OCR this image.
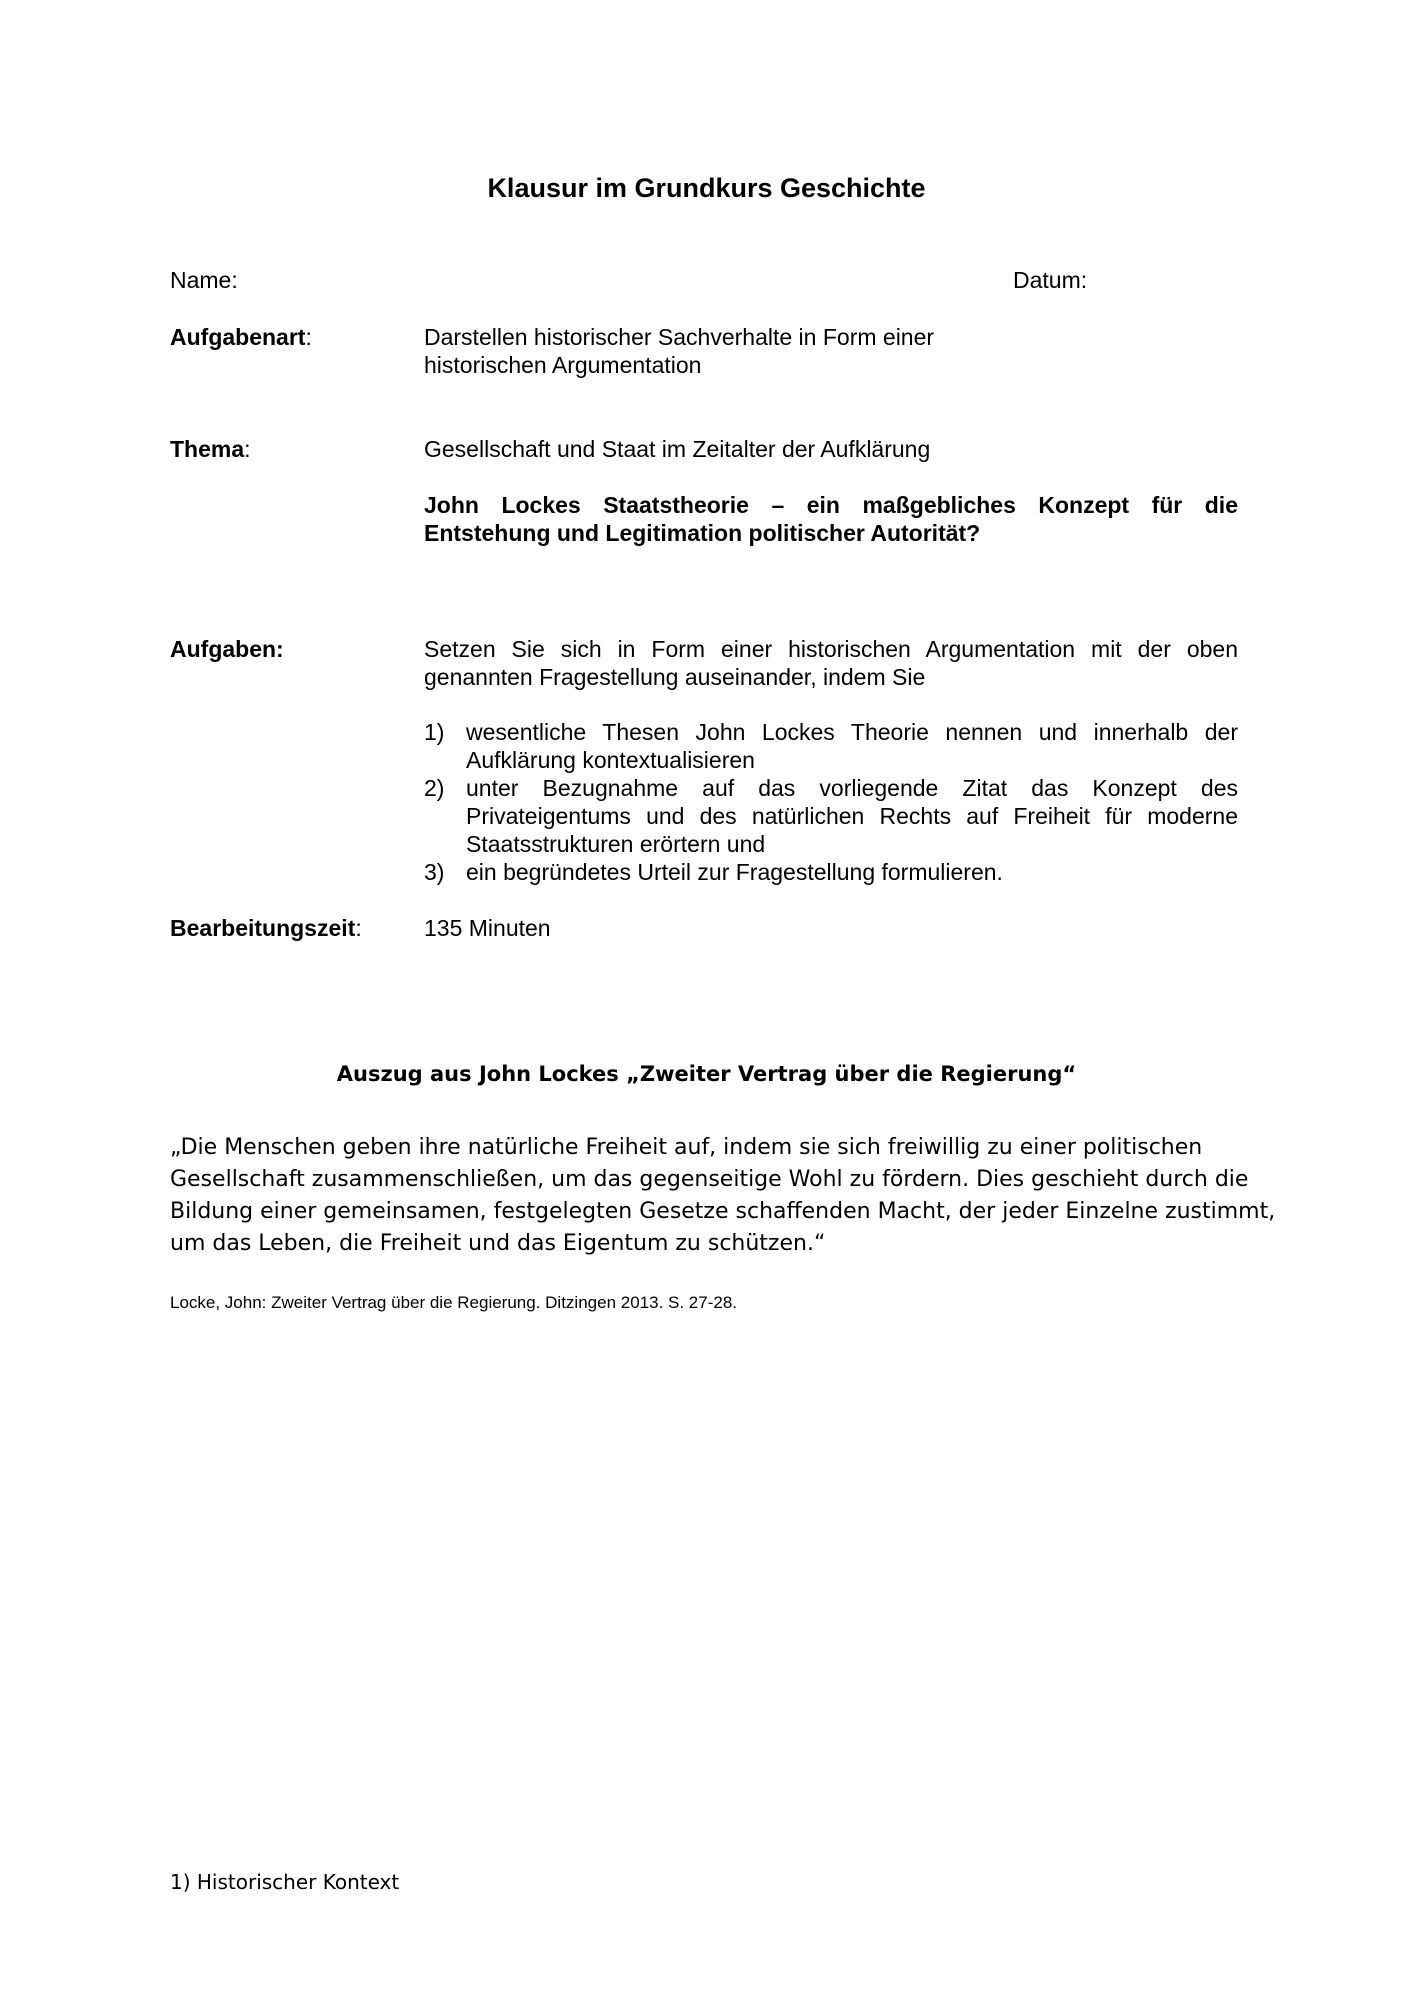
Klausur im Grundkurs Geschichte
Name:	Datum:
Aufgabenart:	Darstellen historischer Sachverhalte in Form einer
historischen Argumentation
Thema:	Gesellschaft und Staat im Zeitalter der Aufklärung
John Lockes Staatstheorie – ein maßgebliches Konzept für die
Entstehung und Legitimation politischer Autorität?
Aufgaben:	Setzen Sie sich in Form einer historischen Argumentation mit der oben
genannten Fragestellung auseinander, indem Sie
1) wesentliche Thesen John Lockes Theorie nennen und innerhalb der
Aufklärung kontextualisieren
2) unter Bezugnahme auf das vorliegende Zitat das Konzept des
Privateigentums und des natürlichen Rechts auf Freiheit für moderne
Staatsstrukturen erörtern und
3) ein begründetes Urteil zur Fragestellung formulieren.
Bearbeitungszeit:	135 Minuten
Auszug aus John Lockes „Zweiter Vertrag über die Regierung“
„Die Menschen geben ihre natürliche Freiheit auf, indem sie sich freiwillig zu einer politischen
Gesellschaft zusammenschließen, um das gegenseitige Wohl zu fördern. Dies geschieht durch die
Bildung einer gemeinsamen, festgelegten Gesetze schaffenden Macht, der jeder Einzelne zustimmt,
um das Leben, die Freiheit und das Eigentum zu schützen.“
Locke, John: Zweiter Vertrag über die Regierung. Ditzingen 2013. S. 27-28.
1) Historischer Kontext
